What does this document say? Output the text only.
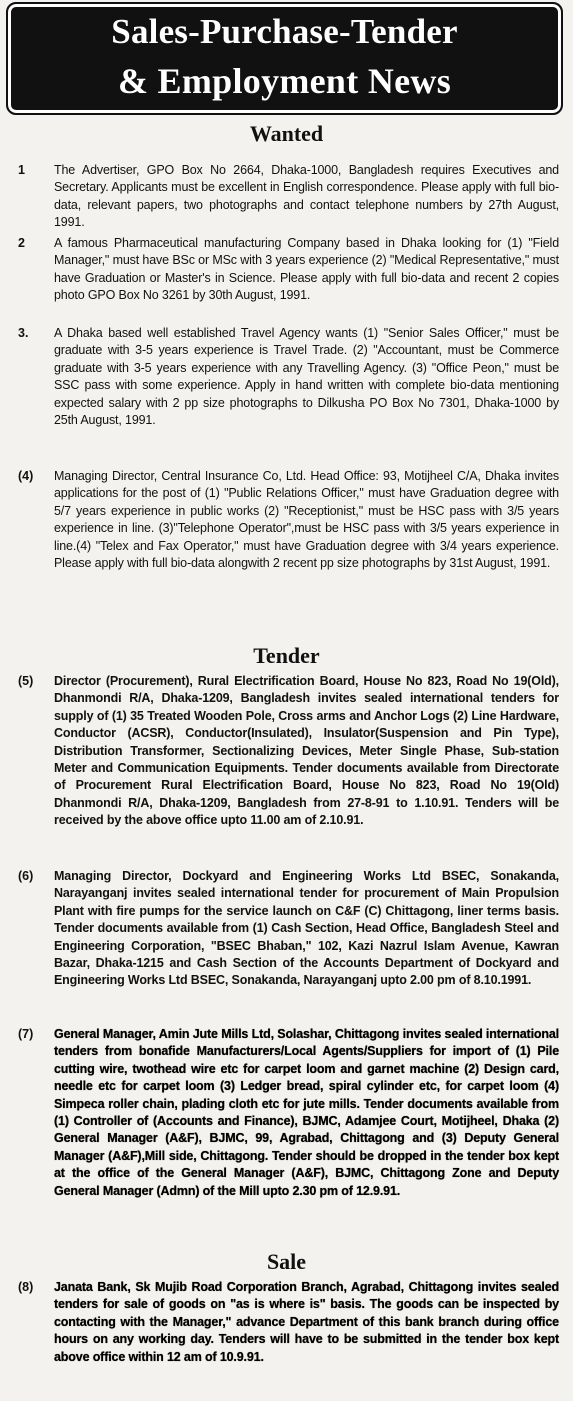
Sales-Purchase-Tender
& Employment News
Wanted
1	The Advertiser, GPO Box No 2664, Dhaka-1000, Bangladesh requires Executives and Secretary. Applicants must be excellent in English correspondence. Please apply with full bio-data, relevant papers, two photographs and contact telephone numbers by 27th August, 1991.
2	A famous Pharmaceutical manufacturing Company based in Dhaka looking for (1) "Field Manager," must have BSc or MSc with 3 years experience (2) "Medical Representative," must have Graduation or Master's in Science. Please apply with full bio-data and recent 2 copies photo GPO Box No 3261 by 30th August, 1991.
3.	A Dhaka based well established Travel Agency wants (1) "Senior Sales Officer," must be graduate with 3-5 years experience is Travel Trade. (2) "Accountant, must be Commerce graduate with 3-5 years experience with any Travelling Agency. (3) "Office Peon," must be SSC pass with some experience. Apply in hand written with complete bio-data mentioning expected salary with 2 pp size photographs to Dilkusha PO Box No 7301, Dhaka-1000 by 25th August, 1991.
(4)	Managing Director, Central Insurance Co, Ltd. Head Office: 93, Motijheel C/A, Dhaka invites applications for the post of (1) "Public Relations Officer," must have Graduation degree with 5/7 years experience in public works (2) "Receptionist," must be HSC pass with 3/5 years experience in line. (3)"Telephone Operator",must be HSC pass with 3/5 years experience in line.(4) "Telex and Fax Operator," must have Graduation degree with 3/4 years experience. Please apply with full bio-data alongwith 2 recent pp size photographs by 31st August, 1991.
Tender
(5)	Director (Procurement), Rural Electrification Board, House No 823, Road No 19(Old), Dhanmondi R/A, Dhaka-1209, Bangladesh invites sealed international tenders for supply of (1) 35 Treated Wooden Pole, Cross arms and Anchor Logs (2) Line Hardware, Conductor (ACSR), Conductor(Insulated), Insulator(Suspension and Pin Type), Distribution Transformer, Sectionalizing Devices, Meter Single Phase, Sub-station Meter and Communication Equipments. Tender documents available from Directorate of Procurement Rural Electrification Board, House No 823, Road No 19(Old) Dhanmondi R/A, Dhaka-1209, Bangladesh from 27-8-91 to 1.10.91. Tenders will be received by the above office upto 11.00 am of 2.10.91.
(6)	Managing Director, Dockyard and Engineering Works Ltd BSEC, Sonakanda, Narayanganj invites sealed international tender for procurement of Main Propulsion Plant with fire pumps for the service launch on C&F (C) Chittagong, liner terms basis. Tender documents available from (1) Cash Section, Head Office, Bangladesh Steel and Engineering Corporation, "BSEC Bhaban," 102, Kazi Nazrul Islam Avenue, Kawran Bazar, Dhaka-1215 and Cash Section of the Accounts Department of Dockyard and Engineering Works Ltd BSEC, Sonakanda, Narayanganj upto 2.00 pm of 8.10.1991.
(7)	General Manager, Amin Jute Mills Ltd, Solashar, Chittagong invites sealed international tenders from bonafide Manufacturers/Local Agents/Suppliers for import of (1) Pile cutting wire, twothead wire etc for carpet loom and garnet machine (2) Design card, needle etc for carpet loom (3) Ledger bread, spiral cylinder etc, for carpet loom (4) Simpeca roller chain, plading cloth etc for jute mills. Tender documents available from (1) Controller of (Accounts and Finance), BJMC, Adamjee Court, Motijheel, Dhaka (2) General Manager (A&F), BJMC, 99, Agrabad, Chittagong and (3) Deputy General Manager (A&F),Mill side, Chittagong. Tender should be dropped in the tender box kept at the office of the General Manager (A&F), BJMC, Chittagong Zone and Deputy General Manager (Admn) of the Mill upto 2.30 pm of 12.9.91.
Sale
(8)	Janata Bank, Sk Mujib Road Corporation Branch, Agrabad, Chittagong invites sealed tenders for sale of goods on "as is where is" basis. The goods can be inspected by contacting with the Manager," advance Department of this bank branch during office hours on any working day. Tenders will have to be submitted in the tender box kept above office within 12 am of 10.9.91.
